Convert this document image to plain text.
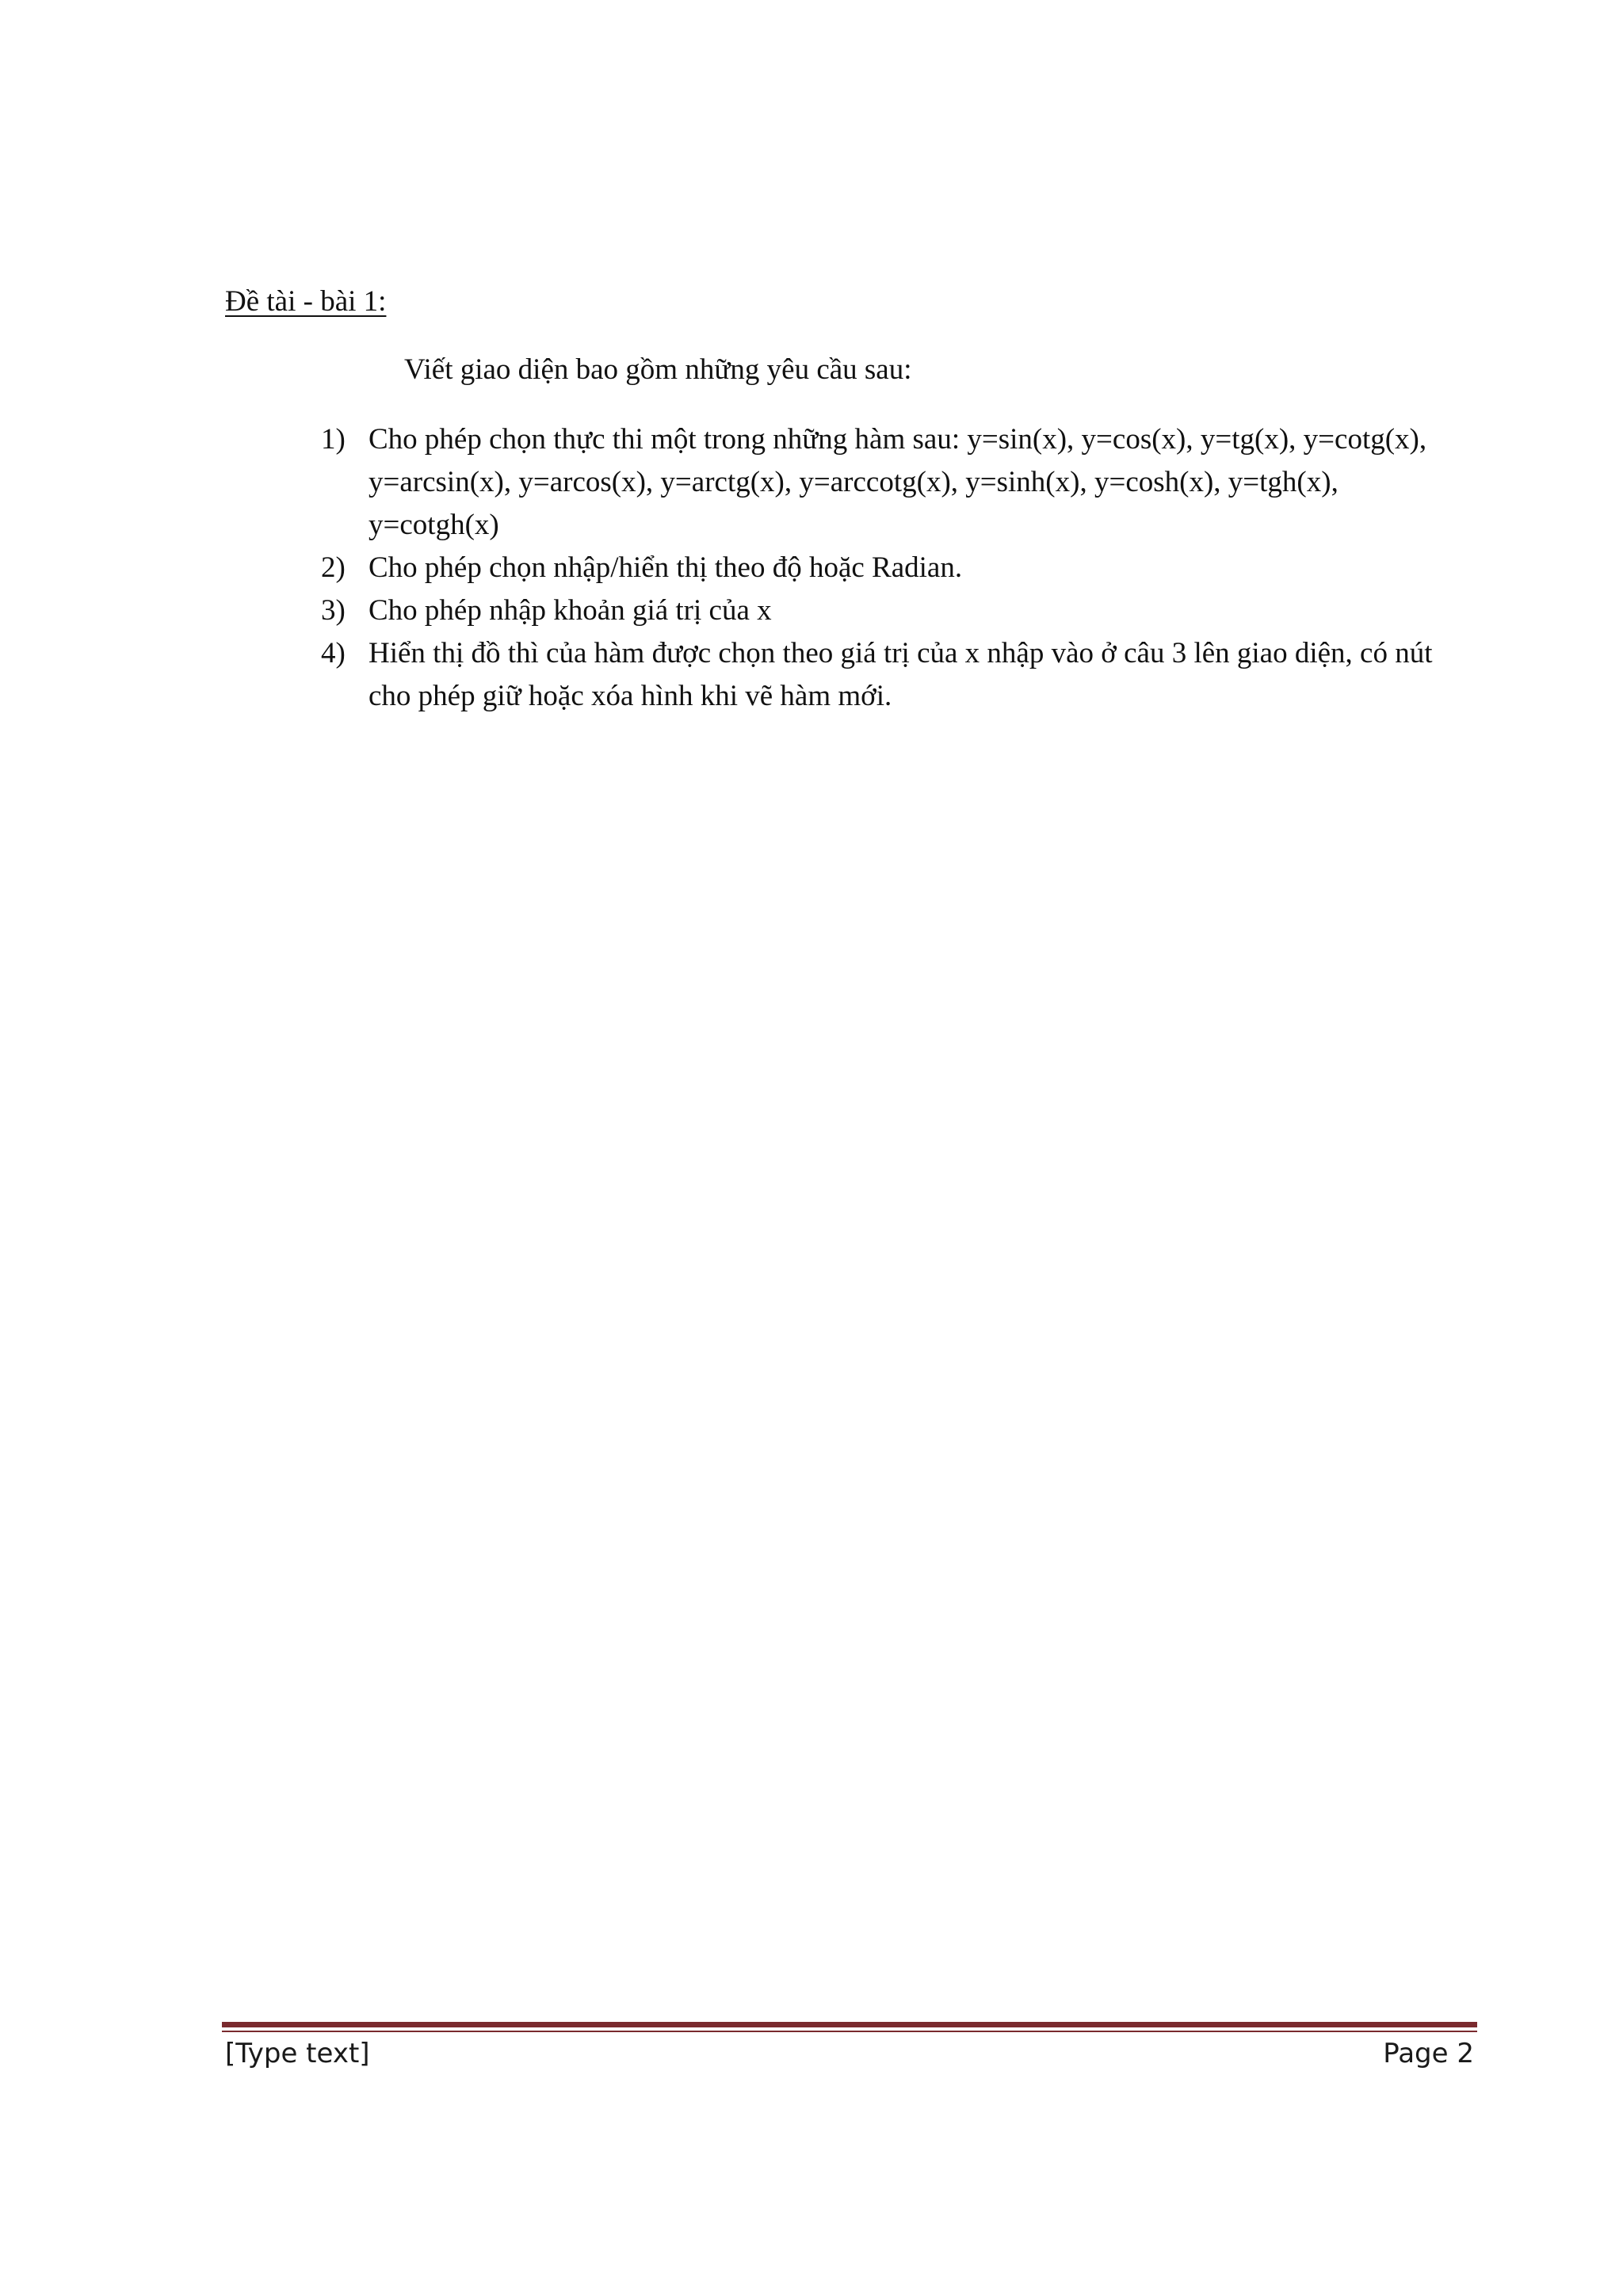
Đề tài - bài 1:
Viết giao diện bao gồm những yêu cầu sau:
1) Cho phép chọn thực thi một trong những hàm sau: y=sin(x), y=cos(x), y=tg(x), y=cotg(x), y=arcsin(x), y=arcos(x), y=arctg(x), y=arccotg(x), y=sinh(x), y=cosh(x), y=tgh(x), y=cotgh(x)
2) Cho phép chọn nhập/hiển thị theo độ hoặc Radian.
3) Cho phép nhập khoản giá trị của x
4) Hiển thị đồ thì của hàm được chọn theo giá trị của x nhập vào ở câu 3 lên giao diện, có nút cho phép giữ hoặc xóa hình khi vẽ hàm mới.
[Type text]	Page 2
